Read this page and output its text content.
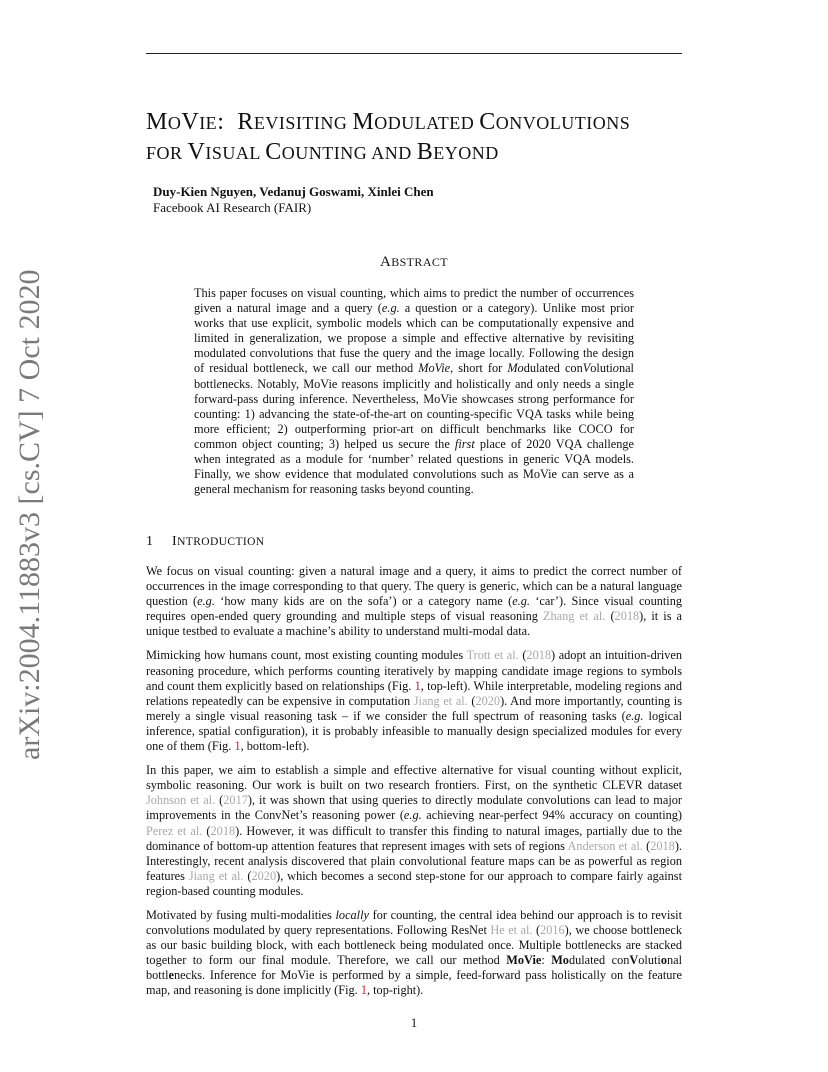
arXiv:2004.11883v3 [cs.CV] 7 Oct 2020
MOVIE:  REVISITING MODULATED CONVOLUTIONS
FOR VISUAL COUNTING AND BEYOND
Duy-Kien Nguyen, Vedanuj Goswami, Xinlei Chen
Facebook AI Research (FAIR)
ABSTRACT
This paper focuses on visual counting, which aims to predict the number of occurrences given a natural image and a query (e.g. a question or a category). Unlike most prior works that use explicit, symbolic models which can be computationally expensive and limited in generalization, we propose a simple and effective alternative by revisiting modulated convolutions that fuse the query and the image locally. Following the design of residual bottleneck, we call our method MoVie, short for Modulated conVolutional bottlenecks. Notably, MoVie reasons implicitly and holistically and only needs a single forward-pass during inference. Nevertheless, MoVie showcases strong performance for counting: 1) advancing the state-of-the-art on counting-specific VQA tasks while being more efficient; 2) outperforming prior-art on difficult benchmarks like COCO for common object counting; 3) helped us secure the first place of 2020 VQA challenge when integrated as a module for ‘number’ related questions in generic VQA models. Finally, we show evidence that modulated convolutions such as MoVie can serve as a general mechanism for reasoning tasks beyond counting.
1 INTRODUCTION

We focus on visual counting: given a natural image and a query, it aims to predict the correct number of occurrences in the image corresponding to that query. The query is generic, which can be a natural language question (e.g. ‘how many kids are on the sofa’) or a category name (e.g. ‘car’). Since visual counting requires open-ended query grounding and multiple steps of visual reasoning Zhang et al. (2018), it is a unique testbed to evaluate a machine’s ability to understand multi-modal data.

Mimicking how humans count, most existing counting modules Trott et al. (2018) adopt an intuition-driven reasoning procedure, which performs counting iteratively by mapping candidate image regions to symbols and count them explicitly based on relationships (Fig. 1, top-left). While interpretable, modeling regions and relations repeatedly can be expensive in computation Jiang et al. (2020). And more importantly, counting is merely a single visual reasoning task – if we consider the full spectrum of reasoning tasks (e.g. logical inference, spatial configuration), it is probably infeasible to manually design specialized modules for every one of them (Fig. 1, bottom-left).

In this paper, we aim to establish a simple and effective alternative for visual counting without explicit, symbolic reasoning. Our work is built on two research frontiers. First, on the synthetic CLEVR dataset Johnson et al. (2017), it was shown that using queries to directly modulate convolutions can lead to major improvements in the ConvNet’s reasoning power (e.g. achieving near-perfect 94% accuracy on counting) Perez et al. (2018). However, it was difficult to transfer this finding to natural images, partially due to the dominance of bottom-up attention features that represent images with sets of regions Anderson et al. (2018). Interestingly, recent analysis discovered that plain convolutional feature maps can be as powerful as region features Jiang et al. (2020), which becomes a second step-stone for our approach to compare fairly against region-based counting modules.

Motivated by fusing multi-modalities locally for counting, the central idea behind our approach is to revisit convolutions modulated by query representations. Following ResNet He et al. (2016), we choose bottleneck as our basic building block, with each bottleneck being modulated once. Multiple bottlenecks are stacked together to form our final module. Therefore, we call our method MoVie: Modulated conVolutional bottlenecks. Inference for MoVie is performed by a simple, feed-forward pass holistically on the feature map, and reasoning is done implicitly (Fig. 1, top-right).

1
